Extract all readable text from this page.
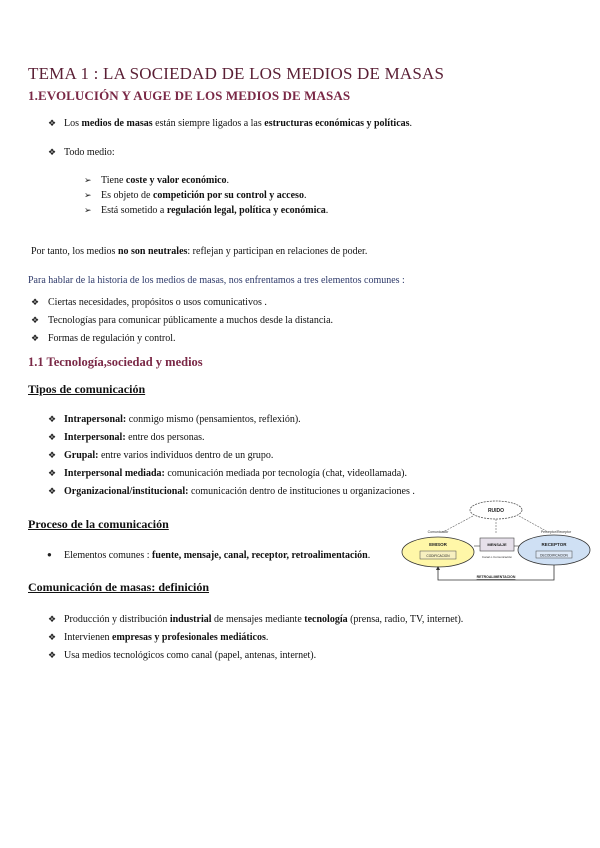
TEMA 1 : LA SOCIEDAD DE LOS MEDIOS DE MASAS
1.EVOLUCIÓN Y AUGE DE LOS MEDIOS DE MASAS
❖ Los medios de masas están siempre ligados a las estructuras económicas y políticas.
❖ Todo medio:
➢ Tiene coste y valor económico.
➢ Es objeto de competición por su control y acceso.
➢ Está sometido a regulación legal, política y económica.
Por tanto, los medios no son neutrales: reflejan y participan en relaciones de poder.
Para hablar de la historia de los medios de masas, nos enfrentamos a tres elementos comunes :
❖ Ciertas necesidades, propósitos o usos comunicativos .
❖ Tecnologías para comunicar públicamente a muchos desde la distancia.
❖ Formas de regulación y control.
1.1 Tecnología,sociedad y medios
Tipos de comunicación
❖ Intrapersonal: conmigo mismo (pensamientos, reflexión).
❖ Interpersonal: entre dos personas.
❖ Grupal: entre varios individuos dentro de un grupo.
❖ Interpersonal mediada: comunicación mediada por tecnología (chat, videollamada).
❖ Organizacional/institucional: comunicación dentro de instituciones u organizaciones .
Proceso de la comunicación
● Elementos comunes : fuente, mensaje, canal, receptor, retroalimentación.
RUIDO
Comunicador	Perceptor/Receptor
EMISOR
CODIFICACION
MENSAJE
Canal o Comunicación
RECEPTOR
DECODIFICACION
RETROALIMENTACION
Comunicación de masas: definición
❖ Producción y distribución industrial de mensajes mediante tecnología (prensa, radio, TV, internet).
❖ Intervienen empresas y profesionales mediáticos.
❖ Usa medios tecnológicos como canal (papel, antenas, internet).
